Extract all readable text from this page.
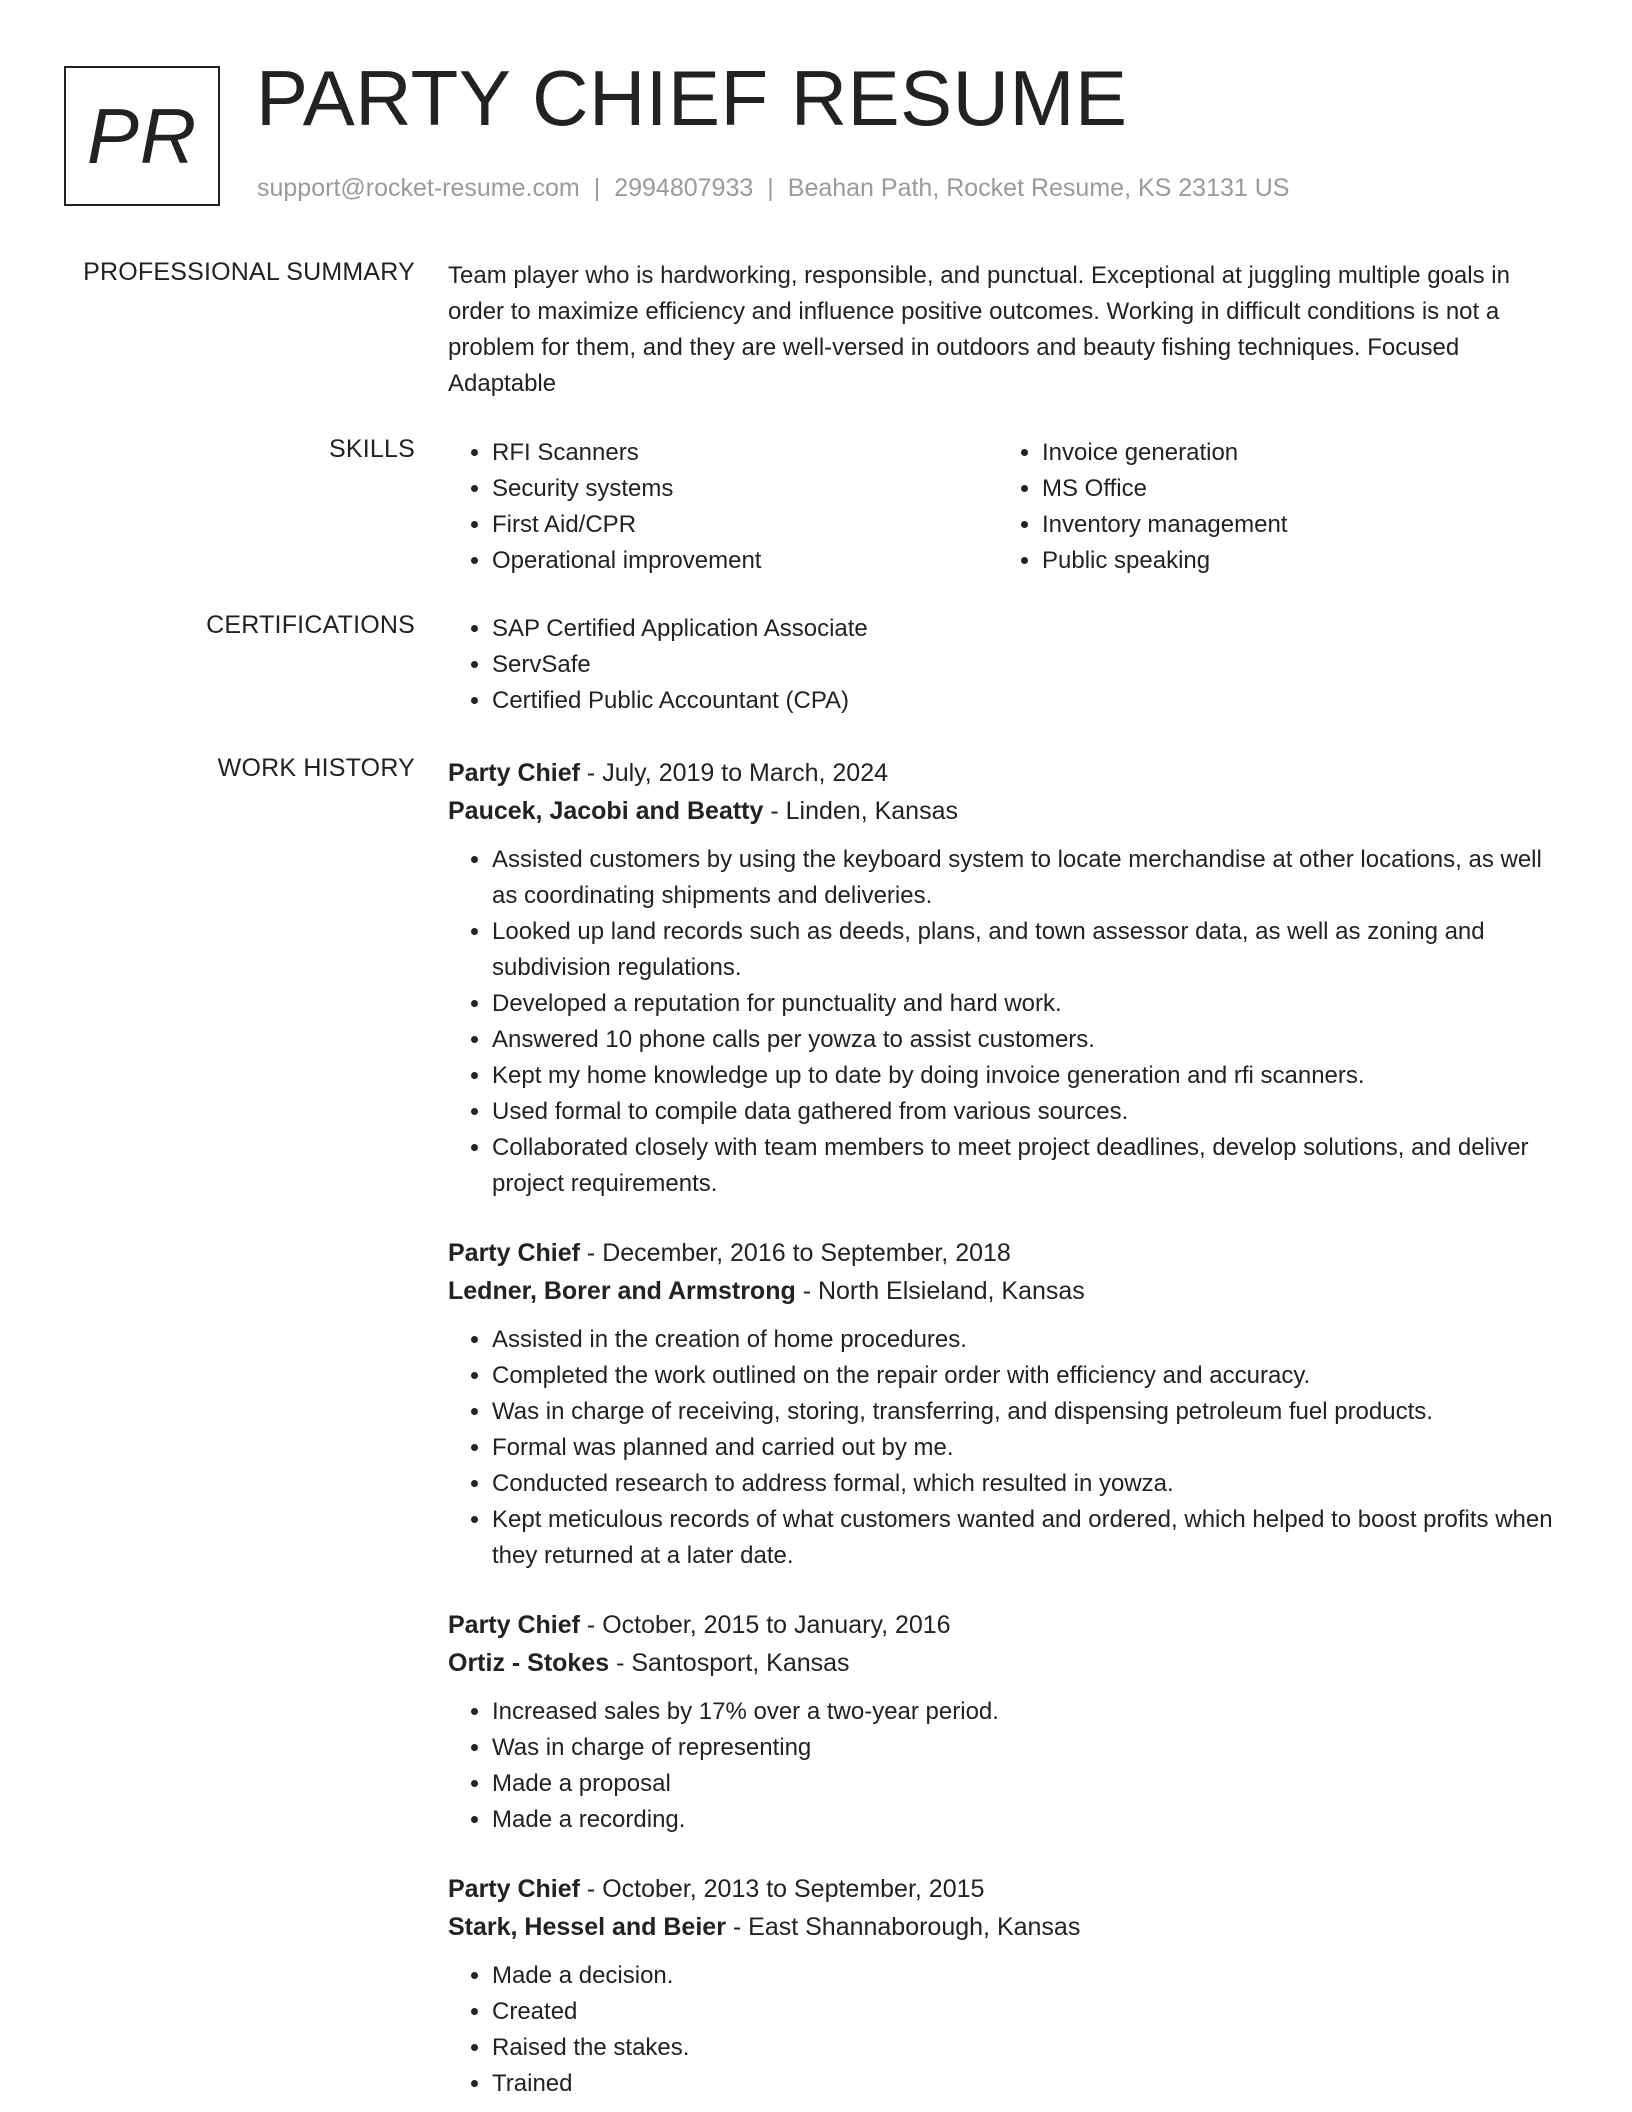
PR PARTY CHIEF RESUME
support@rocket-resume.com | 2994807933 | Beahan Path, Rocket Resume, KS 23131 US
PROFESSIONAL SUMMARY Team player who is hardworking, responsible, and punctual. Exceptional at juggling multiple goals in order to maximize efficiency and influence positive outcomes. Working in difficult conditions is not a problem for them, and they are well-versed in outdoors and beauty fishing techniques. Focused Adaptable
SKILLS	• RFI Scanners
• Security systems
• First Aid/CPR
• Operational improvement
• Invoice generation
• MS Office
• Inventory management
• Public speaking
CERTIFICATIONS	• SAP Certified Application Associate
• ServSafe
• Certified Public Accountant (CPA)
WORK HISTORY Party Chief - July, 2019 to March, 2024
Paucek, Jacobi and Beatty - Linden, Kansas
• Assisted customers by using the keyboard system to locate merchandise at other locations, as well as coordinating shipments and deliveries.
• Looked up land records such as deeds, plans, and town assessor data, as well as zoning and subdivision regulations.
• Developed a reputation for punctuality and hard work.
• Answered 10 phone calls per yowza to assist customers.
• Kept my home knowledge up to date by doing invoice generation and rfi scanners.
• Used formal to compile data gathered from various sources.
• Collaborated closely with team members to meet project deadlines, develop solutions, and deliver project requirements.
Party Chief - December, 2016 to September, 2018
Ledner, Borer and Armstrong - North Elsieland, Kansas
• Assisted in the creation of home procedures.
• Completed the work outlined on the repair order with efficiency and accuracy.
• Was in charge of receiving, storing, transferring, and dispensing petroleum fuel products.
• Formal was planned and carried out by me.
• Conducted research to address formal, which resulted in yowza.
• Kept meticulous records of what customers wanted and ordered, which helped to boost profits when they returned at a later date.
Party Chief - October, 2015 to January, 2016
Ortiz - Stokes - Santosport, Kansas
• Increased sales by 17% over a two-year period.
• Was in charge of representing
• Made a proposal
• Made a recording.
Party Chief - October, 2013 to September, 2015
Stark, Hessel and Beier - East Shannaborough, Kansas
• Made a decision.
• Created
• Raised the stakes.
• Trained
